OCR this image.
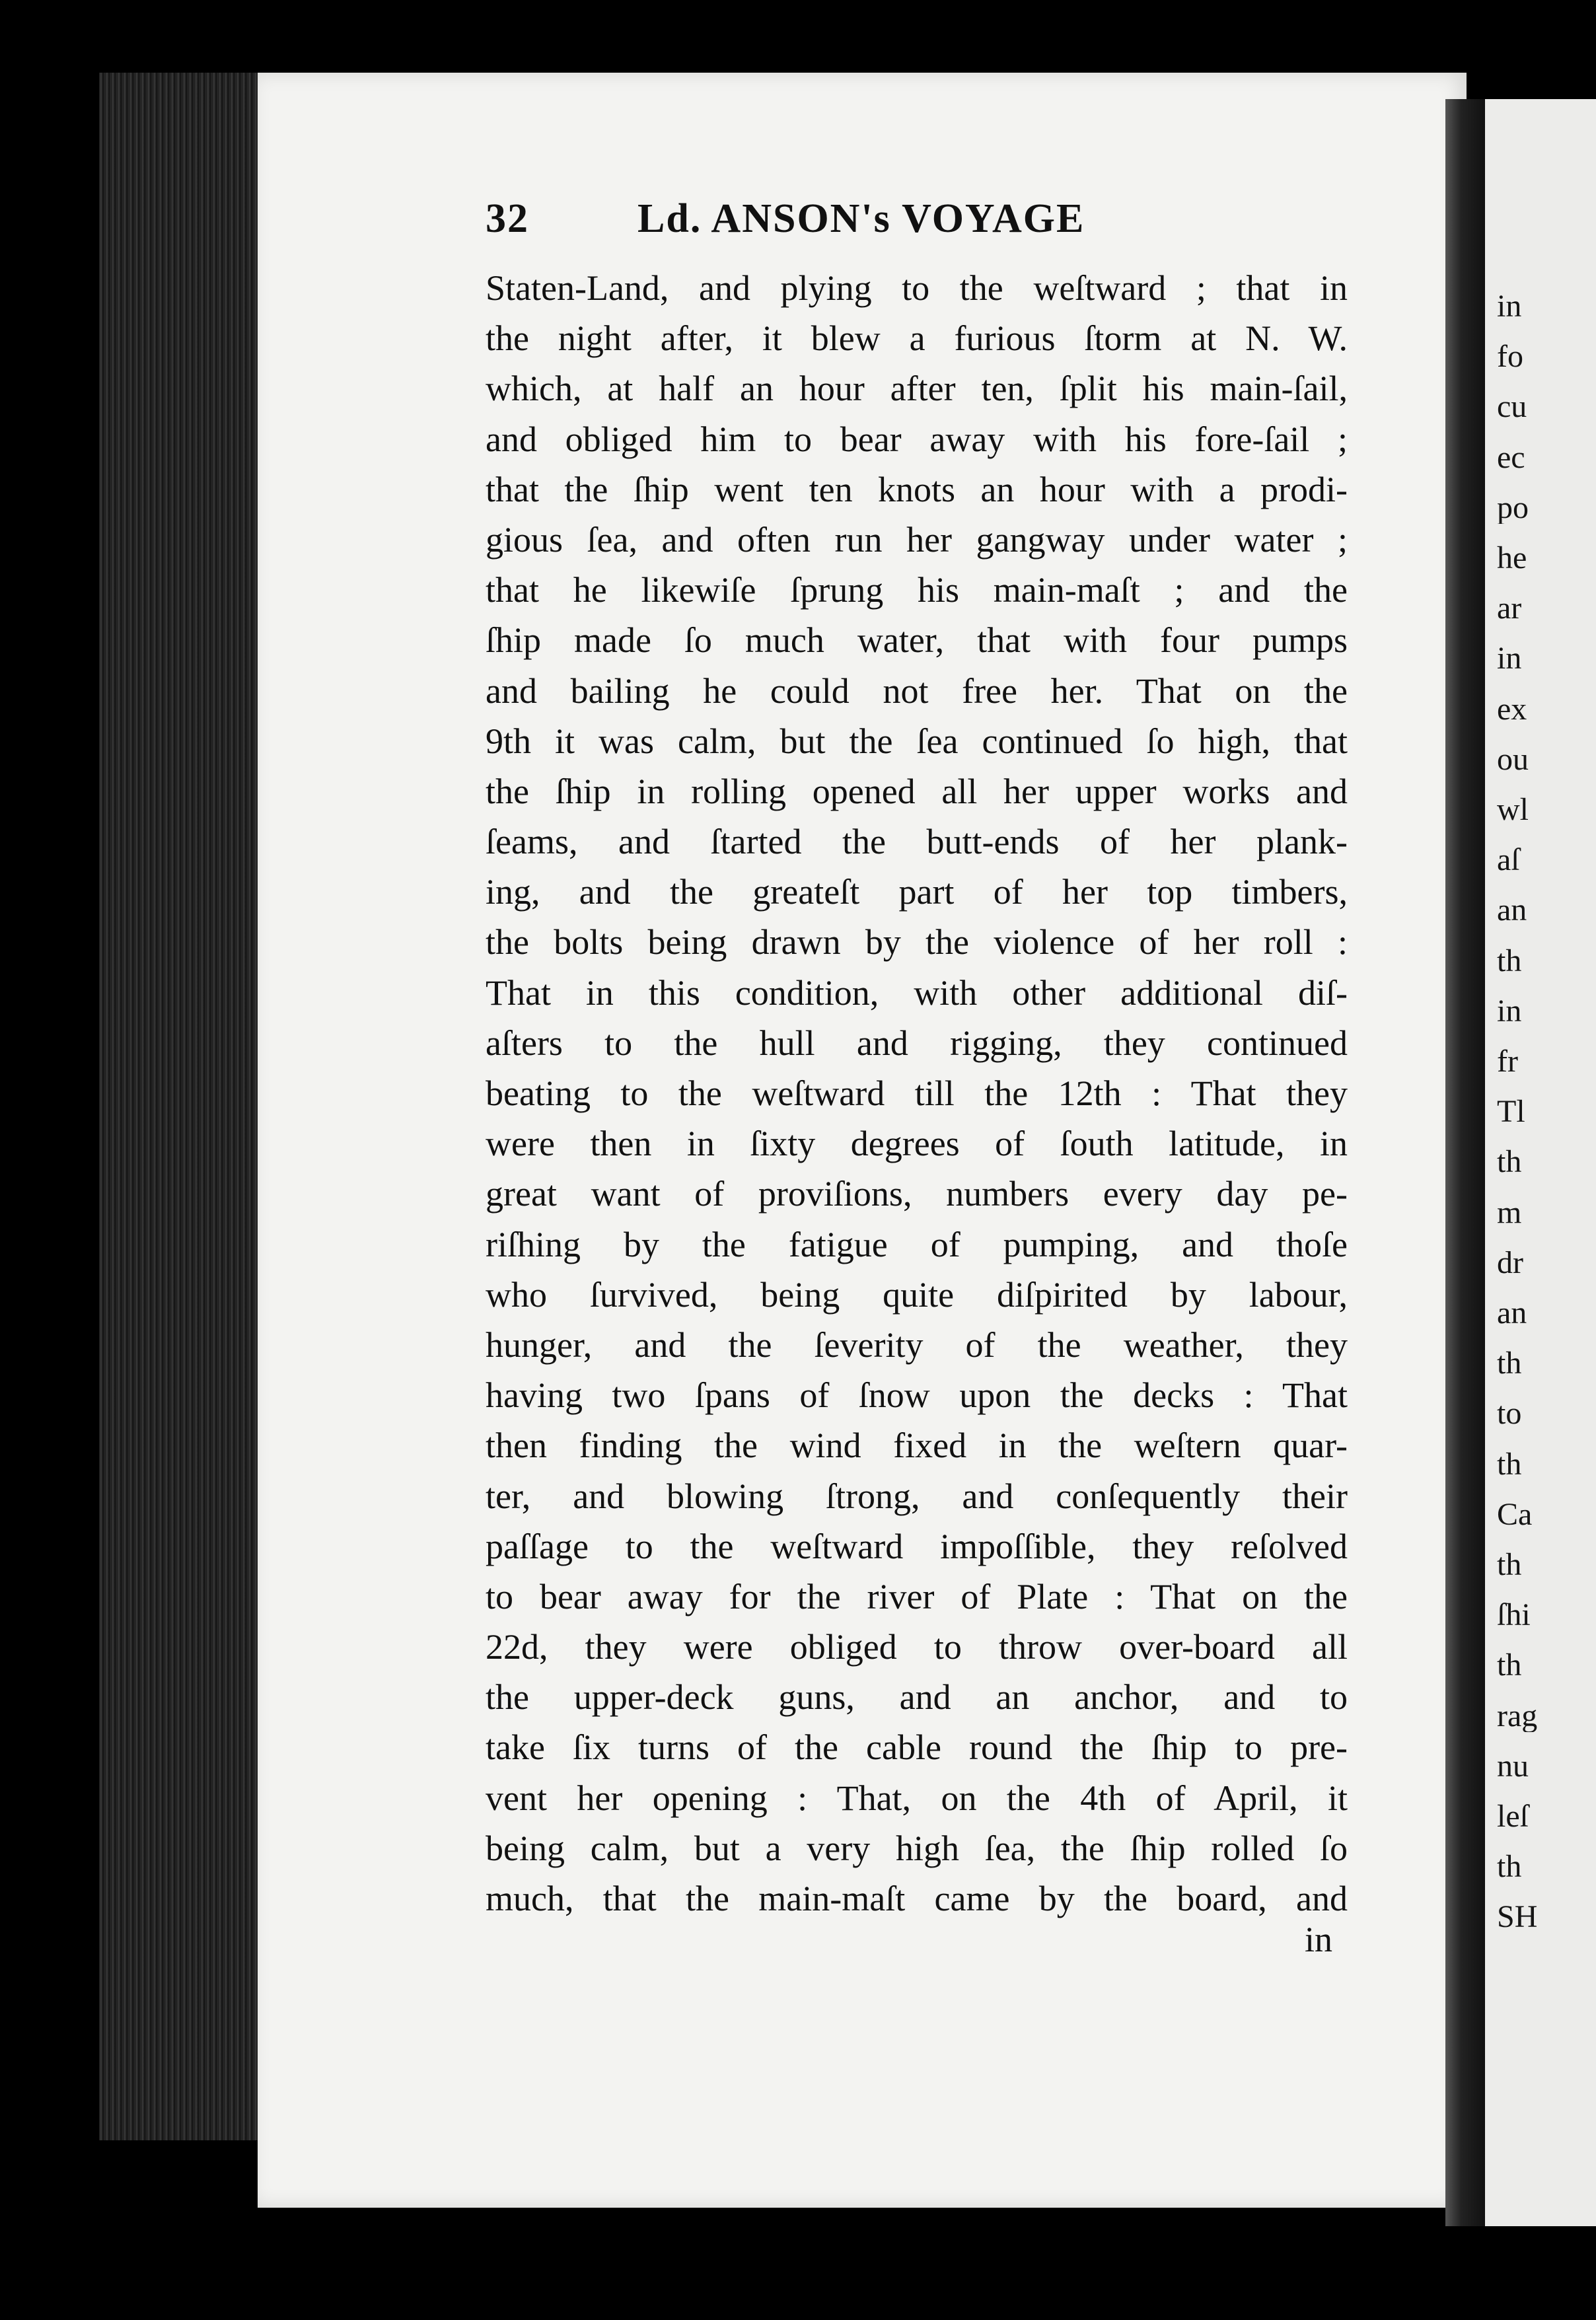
32	Ld. ANSON's VOYAGE
Staten-Land, and plying to the weſtward ; that in
the night after, it blew a furious ſtorm at N. W.
which, at half an hour after ten, ſplit his main-ſail,
and obliged him to bear away with his fore-ſail ;
that the ſhip went ten knots an hour with a prodi-
gious ſea, and often run her gangway under water ;
that he likewiſe ſprung his main-maſt ; and the
ſhip made ſo much water, that with four pumps
and bailing he could not free her. That on the
9th it was calm, but the ſea continued ſo high, that
the ſhip in rolling opened all her upper works and
ſeams, and ſtarted the butt-ends of her plank-
ing, and the greateſt part of her top timbers,
the bolts being drawn by the violence of her roll :
That in this condition, with other additional diſ-
aſters to the hull and rigging, they continued
beating to the weſtward till the 12th : That they
were then in ſixty degrees of ſouth latitude, in
great want of proviſions, numbers every day pe-
riſhing by the fatigue of pumping, and thoſe
who ſurvived, being quite diſpirited by labour,
hunger, and the ſeverity of the weather, they
having two ſpans of ſnow upon the decks : That
then finding the wind fixed in the weſtern quar-
ter, and blowing ſtrong, and conſequently their
paſſage to the weſtward impoſſible, they reſolved
to bear away for the river of Plate : That on the
22d, they were obliged to throw over-board all
the upper-deck guns, and an anchor, and to
take ſix turns of the cable round the ſhip to pre-
vent her opening : That, on the 4th of April, it
being calm, but a very high ſea, the ſhip rolled ſo
much, that the main-maſt came by the board, and
in
in
fo
cu
ec
po
he
ar
in
ex
ou
wl
aſ
an
th
in
fr
Tl
th
m
dr
an
th
to
th
Ca
th
ſhi
th
rag
nu
leſ
th
SH
